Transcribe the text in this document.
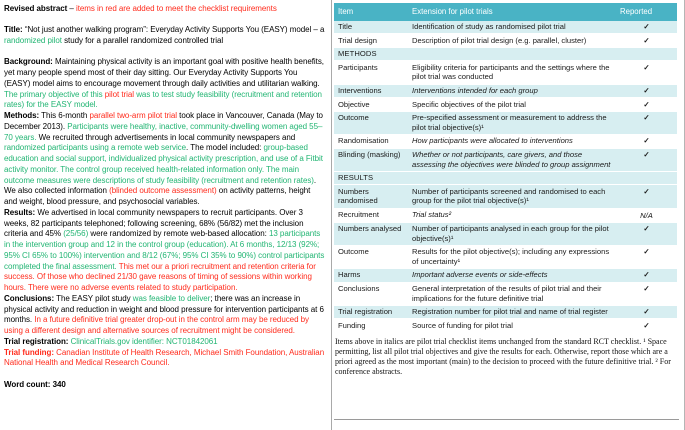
Revised abstract – items in red are added to meet the checklist requirements
Title: “Not just another walking program”: Everyday Activity Supports You (EASY) model – a randomized pilot study for a parallel randomized controlled trial
Background: Maintaining physical activity is an important goal with positive health benefits, yet many people spend most of their day sitting. Our Everyday Activity Supports You (EASY) model aims to encourage movement through daily activities and utilitarian walking. The primary objective of this pilot trial was to test study feasibility (recruitment and retention rates) for the EASY model.
Methods: This 6-month parallel two-arm pilot trial took place in Vancouver, Canada (May to December 2013). Participants were healthy, inactive, community-dwelling women aged 55–70 years. We recruited through advertisements in local community newspapers and randomized participants using a remote web service. The model included: group-based education and social support, individualized physical activity prescription, and use of a Fitbit activity monitor. The control group received health-related information only. The main outcome measures were descriptions of study feasibility (recruitment and retention rates). We also collected information (blinded outcome assessment) on activity patterns, height and weight, blood pressure, and psychosocial variables.
Results: We advertised in local community newspapers to recruit participants. Over 3 weeks, 82 participants telephoned; following screening, 68% (56/82) met the inclusion criteria and 45% (25/56) were randomized by remote web-based allocation: 13 participants in the intervention group and 12 in the control group (education). At 6 months, 12/13 (92%; 95% CI 65% to 100%) intervention and 8/12 (67%; 95% CI 35% to 90%) control participants completed the final assessment. This met our a priori recruitment and retention criteria for success. Of those who declined 21/30 gave reasons of timing of sessions within working hours. There were no adverse events related to study participation.
Conclusions: The EASY pilot study was feasible to deliver; there was an increase in physical activity and reduction in weight and blood pressure for intervention participants at 6 months. In a future definitive trial greater drop-out in the control arm may be reduced by using a different design and alternative sources of recruitment might be considered.
Trial registration: ClinicalTrials.gov identifier: NCT01842061
Trial funding: Canadian Institute of Health Research, Michael Smith Foundation, Australian National Health and Medical Research Council.
Word count: 340
Item	Extension for pilot trials	Reported
Title	Identification of study as randomised pilot trial	✓
Trial design	Description of pilot trial design (e.g. parallel, cluster)	✓
METHODS		
Participants	Eligibility criteria for participants and the settings where the pilot trial was conducted	✓
Interventions	Interventions intended for each group	✓
Objective	Specific objectives of the pilot trial	✓
Outcome	Pre-specified assessment or measurement to address the pilot trial objective(s)¹	✓
Randomisation	How participants were allocated to interventions	✓
Blinding (masking)	Whether or not participants, care givers, and those assessing the objectives were blinded to group assignment	✓
RESULTS		
Numbers randomised	Number of participants screened and randomised to each group for the pilot trial objective(s)¹	✓
Recruitment	Trial status²	N/A
Numbers analysed	Number of participants analysed in each group for the pilot objective(s)¹	✓
Outcome	Results for the pilot objective(s); including any expressions of uncertainty¹	✓
Harms	Important adverse events or side-effects	✓
Conclusions	General interpretation of the results of pilot trial and their implications for the future definitive trial	✓
Trial registration	Registration number for pilot trial and name of trial register	✓
Funding	Source of funding for pilot trial	✓
Items above in italics are pilot trial checklist items unchanged from the standard RCT checklist. ¹ Space permitting, list all pilot trial objectives and give the results for each. Otherwise, report those which are a priori agreed as the most important (main) to the decision to proceed with the future definitive trial. ² For conference abstracts.
